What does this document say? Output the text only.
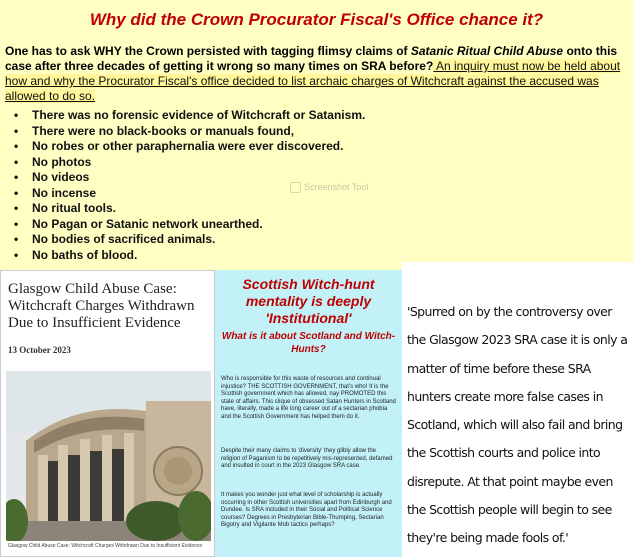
Why did the Crown Procurator Fiscal's Office chance it?
One has to ask WHY the Crown persisted with tagging flimsy claims of Satanic Ritual Child Abuse onto this case after three decades of getting it wrong so many times on SRA before? An inquiry must now be held about how and why the Procurator Fiscal's office decided to list archaic charges of Witchcraft against the accused was allowed to do so.
• There was no forensic evidence of Witchcraft or Satanism.
• There were no black-books or manuals found,
• No robes or other paraphernalia were ever discovered.
• No photos
• No videos
• No incense
• No ritual tools.
• No Pagan or Satanic network unearthed.
• No bodies of sacrificed animals.
• No baths of blood.
Screenshot Tool
Glasgow Child Abuse Case: Witchcraft Charges Withdrawn Due to Insufficient Evidence
13 October 2023
Glasgow Child Abuse Case: Witchcraft Charges Withdrawn Due to Insufficient Evidence
Scottish Witch-hunt mentality is deeply 'Institutional'
What is it about Scotland and Witch-Hunts?
Who is responsible for this waste of resources and continual injustice? THE SCOTTISH GOVERNMENT, that's who! It is the Scottish government which has allowed, nay PROMOTED this state of affairs. This clique of obsessed Satan Hunters in Scotland have, literally, made a life long career out of a sectarian phobia and the Scottish Government has helped them do it.
Despite their many claims to 'diversity' they glibly allow the religion of Paganism to be repetitively mis-represented, defamed and insulted in court in the 2023 Glasgow SRA case.
It makes you wonder just what level of scholarship is actually occurring in other Scottish universities apart from Edinburgh and Dundee. Is SRA included in their Social and Political Science courses? Degrees in Presbyterian Bible-Thumping, Sectarian Bigotry and Vigilante Mob tactics perhaps?
'Spurred on by the controversy over the Glasgow 2023 SRA case it is only a matter of time before these SRA hunters create more false cases in Scotland, which will also fail and bring the Scottish courts and police into disrepute. At that point maybe even the Scottish people will begin to see they're being made fools of.'
